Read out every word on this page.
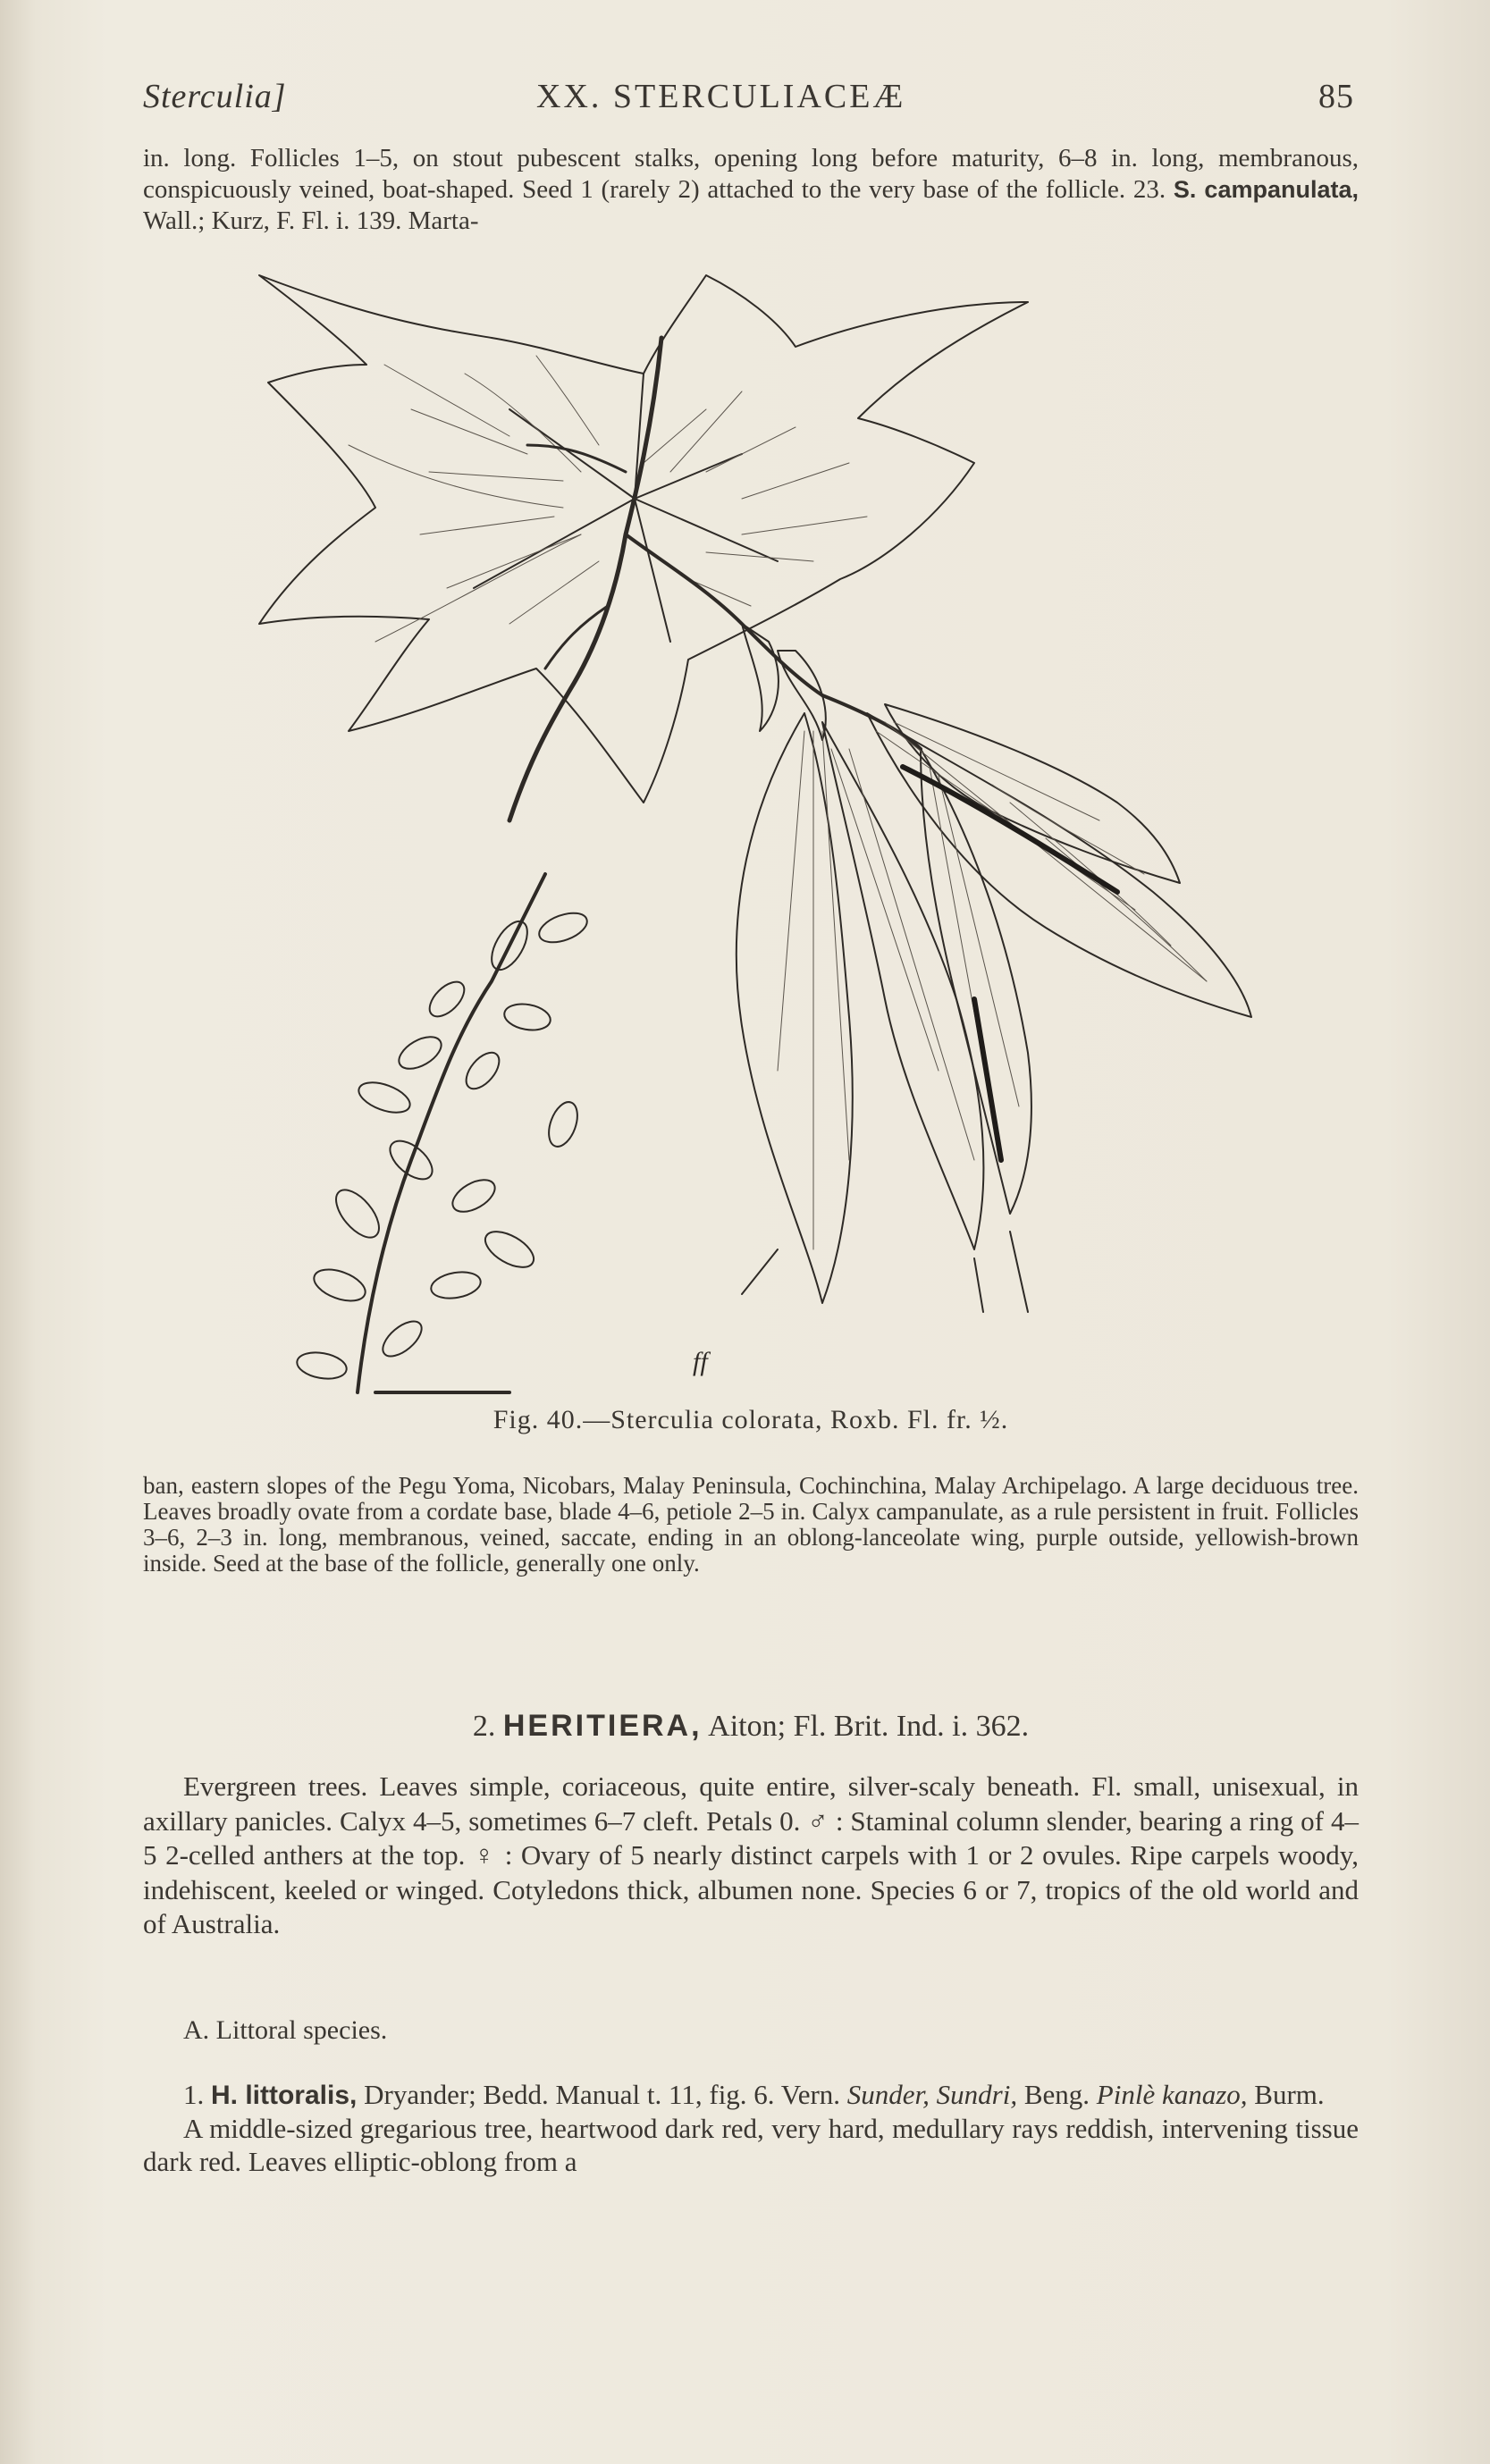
Sterculia]	XX. STERCULIACEÆ	85

in. long. Follicles 1–5, on stout pubescent stalks, opening long before maturity, 6–8 in. long, membranous, conspicuously veined, boat-shaped. Seed 1 (rarely 2) attached to the very base of the follicle. 23. S. campanulata, Wall.; Kurz, F. Fl. i. 139. Marta-

ff
Fig. 40.—Sterculia colorata, Roxb. Fl. fr. ½.

ban, eastern slopes of the Pegu Yoma, Nicobars, Malay Peninsula, Cochinchina, Malay Archipelago. A large deciduous tree. Leaves broadly ovate from a cordate base, blade 4–6, petiole 2–5 in. Calyx campanulate, as a rule persistent in fruit. Follicles 3–6, 2–3 in. long, membranous, veined, saccate, ending in an oblong-lanceolate wing, purple outside, yellowish-brown inside. Seed at the base of the follicle, generally one only.

2. HERITIERA, Aiton; Fl. Brit. Ind. i. 362.

Evergreen trees. Leaves simple, coriaceous, quite entire, silver-scaly beneath. Fl. small, unisexual, in axillary panicles. Calyx 4–5, sometimes 6–7 cleft. Petals 0. ♂ : Staminal column slender, bearing a ring of 4–5 2-celled anthers at the top. ♀ : Ovary of 5 nearly distinct carpels with 1 or 2 ovules. Ripe carpels woody, indehiscent, keeled or winged. Cotyledons thick, albumen none. Species 6 or 7, tropics of the old world and of Australia.

A. Littoral species.

1. H. littoralis, Dryander; Bedd. Manual t. 11, fig. 6. Vern. Sunder, Sundri, Beng. Pinlè kanazo, Burm.
A middle-sized gregarious tree, heartwood dark red, very hard, medullary rays reddish, intervening tissue dark red. Leaves elliptic-oblong from a
